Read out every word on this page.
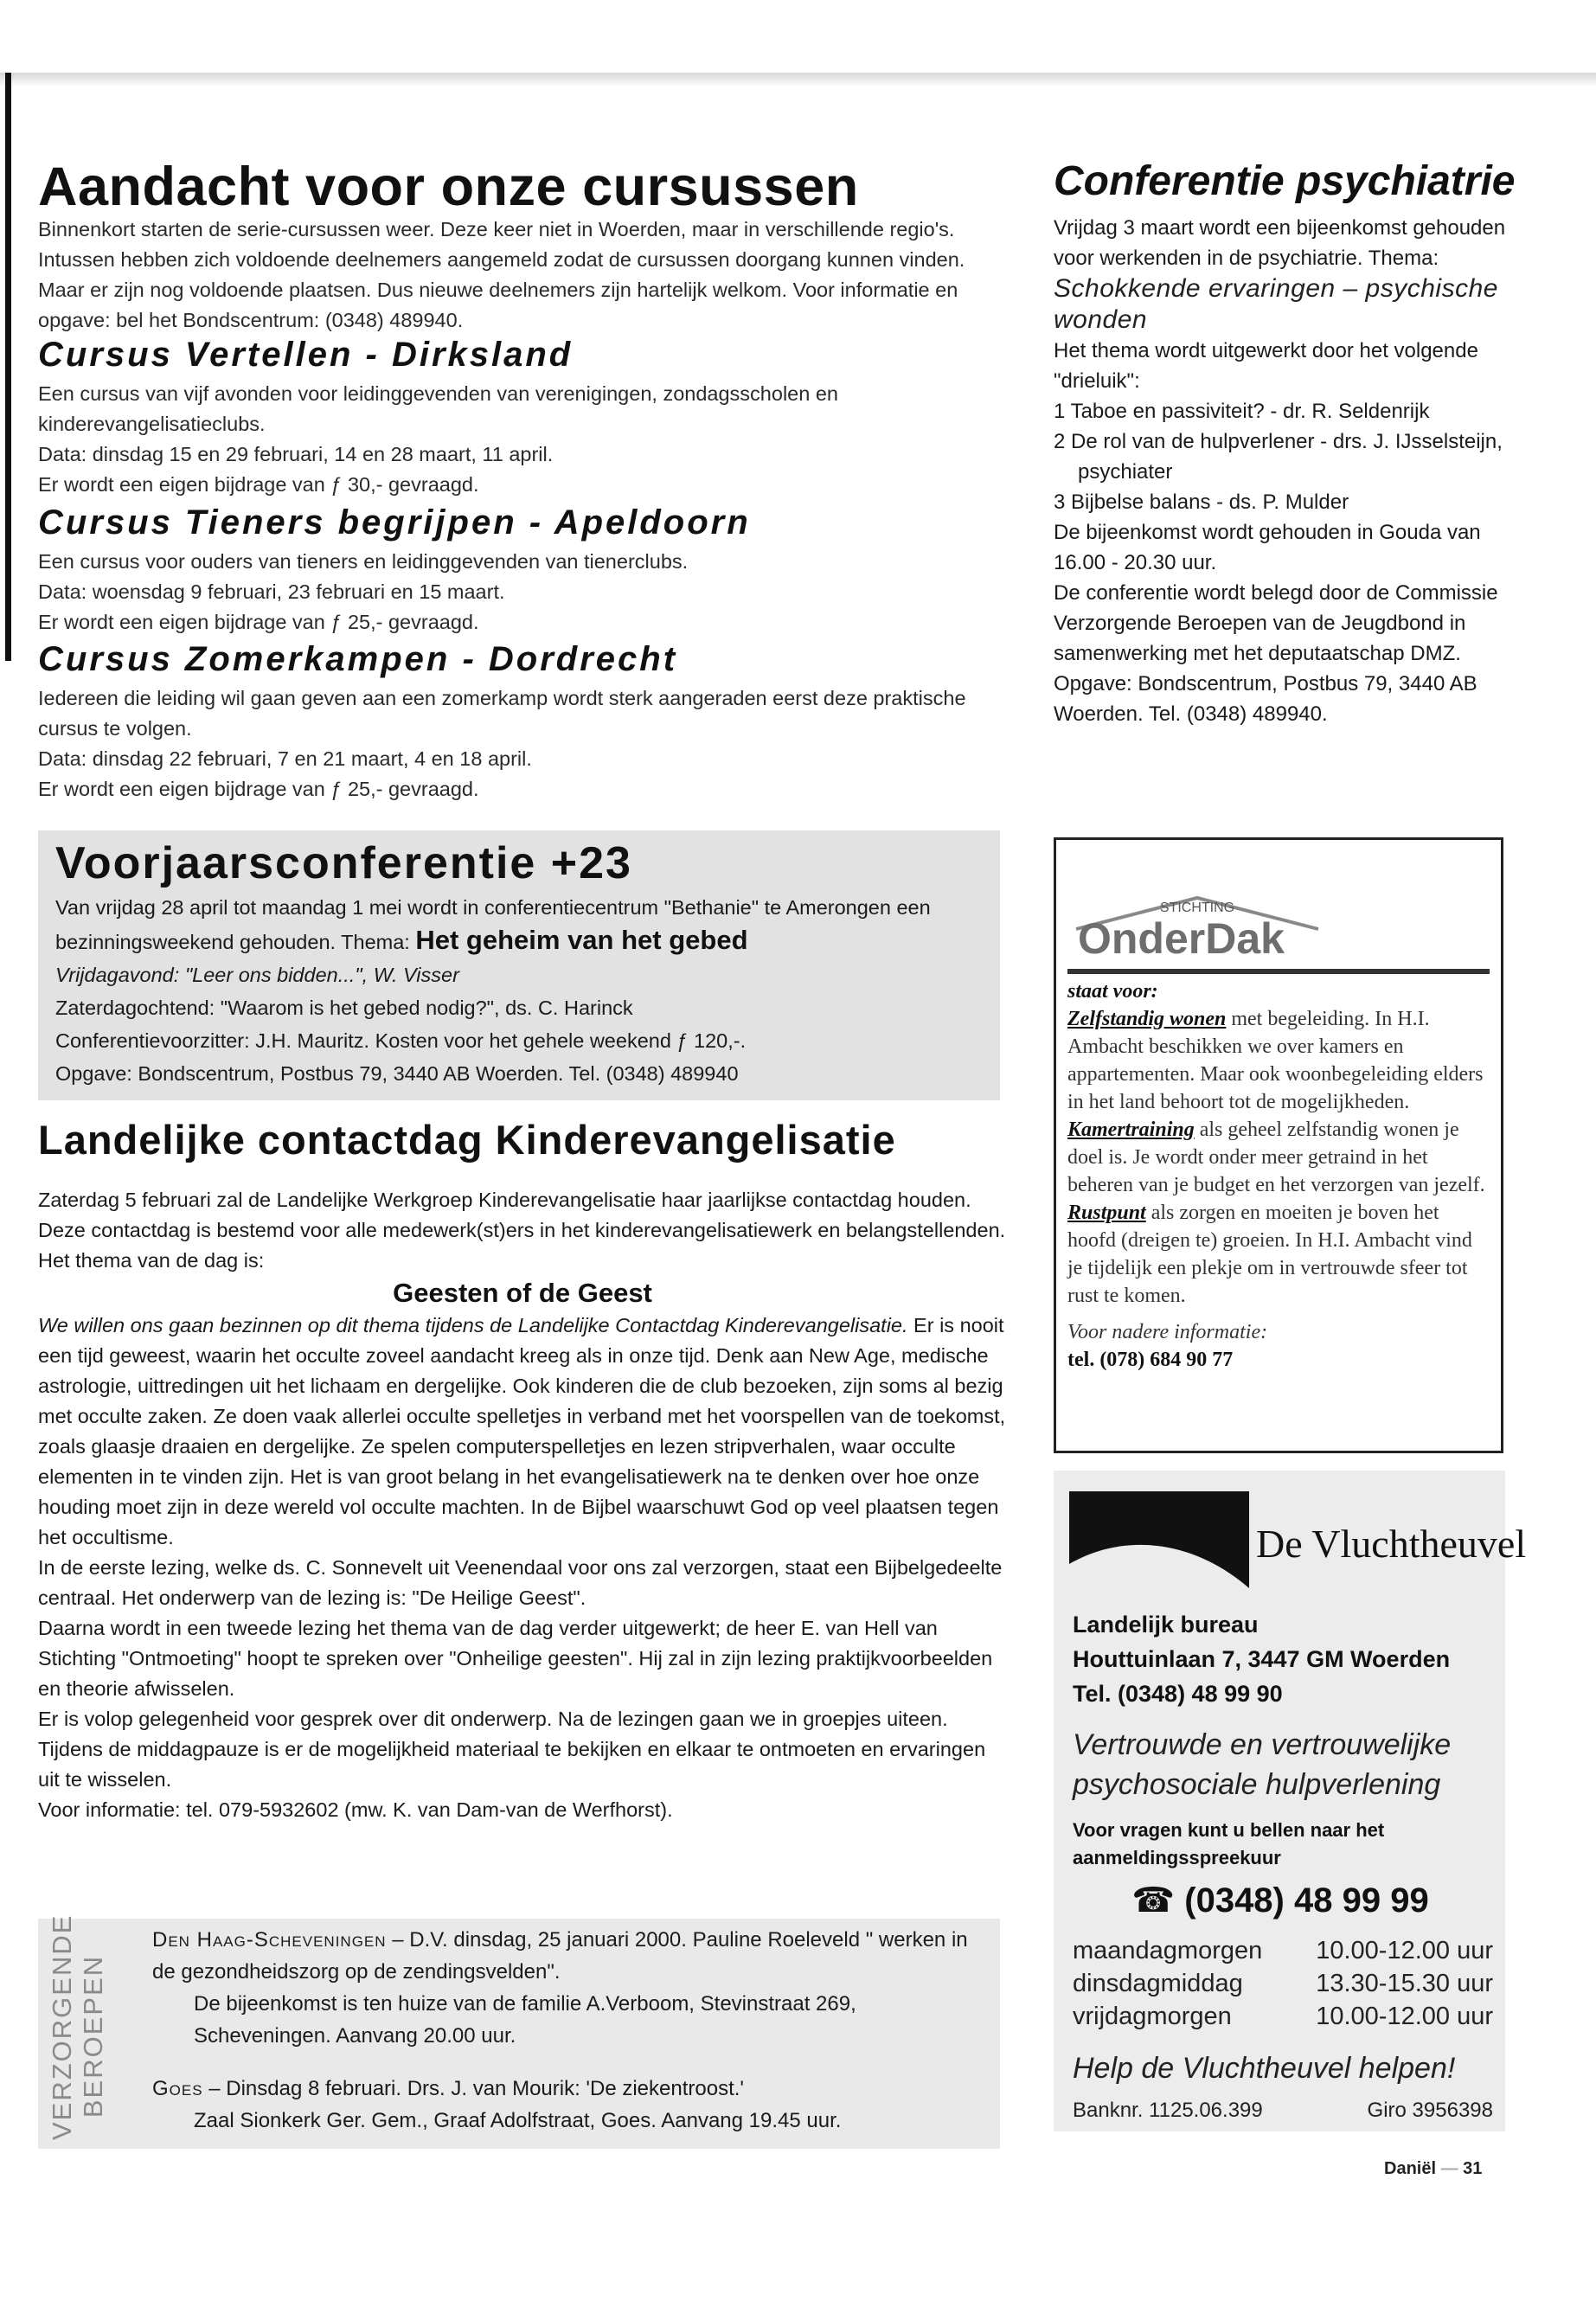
Aandacht voor onze cursussen
Binnenkort starten de serie-cursussen weer. Deze keer niet in Woerden, maar in verschillende regio's. Intussen hebben zich voldoende deelnemers aangemeld zodat de cursussen doorgang kunnen vinden. Maar er zijn nog voldoende plaatsen. Dus nieuwe deelnemers zijn hartelijk welkom. Voor informatie en opgave: bel het Bondscentrum: (0348) 489940.
Cursus Vertellen - Dirksland

Een cursus van vijf avonden voor leidinggevenden van verenigingen, zondagsscholen en kinderevangelisatieclubs.

Data: dinsdag 15 en 29 februari, 14 en 28 maart, 11 april.

Er wordt een eigen bijdrage van ƒ 30,- gevraagd.

Cursus Tieners begrijpen - Apeldoorn

Een cursus voor ouders van tieners en leidinggevenden van tienerclubs.

Data: woensdag 9 februari, 23 februari en 15 maart.

Er wordt een eigen bijdrage van ƒ 25,- gevraagd.

Cursus Zomerkampen - Dordrecht

Iedereen die leiding wil gaan geven aan een zomerkamp wordt sterk aangeraden eerst deze praktische cursus te volgen.

Data: dinsdag 22 februari, 7 en 21 maart, 4 en 18 april.

Er wordt een eigen bijdrage van ƒ 25,- gevraagd.

Voorjaarsconferentie +23
Van vrijdag 28 april tot maandag 1 mei wordt in conferentiecentrum "Bethanie" te Amerongen een bezinningsweekend gehouden. Thema: Het geheim van het gebed
Vrijdagavond: "Leer ons bidden...", W. Visser
Zaterdagochtend: "Waarom is het gebed nodig?", ds. C. Harinck
Conferentievoorzitter: J.H. Mauritz. Kosten voor het gehele weekend ƒ 120,-.
Opgave: Bondscentrum, Postbus 79, 3440 AB Woerden. Tel. (0348) 489940
Landelijke contactdag Kinderevangelisatie

Zaterdag 5 februari zal de Landelijke Werkgroep Kinderevangelisatie haar jaarlijkse contactdag houden. Deze contactdag is bestemd voor alle medewerk(st)ers in het kinderevangelisatiewerk en belangstellenden. Het thema van de dag is:

Geesten of de Geest

We willen ons gaan bezinnen op dit thema tijdens de Landelijke Contactdag Kinderevangelisatie. Er is nooit een tijd geweest, waarin het occulte zoveel aandacht kreeg als in onze tijd. Denk aan New Age, medische astrologie, uittredingen uit het lichaam en dergelijke. Ook kinderen die de club bezoeken, zijn soms al bezig met occulte zaken. Ze doen vaak allerlei occulte spelletjes in verband met het voorspellen van de toekomst, zoals glaasje draaien en dergelijke. Ze spelen computerspelletjes en lezen stripverhalen, waar occulte elementen in te vinden zijn. Het is van groot belang in het evangelisatiewerk na te denken over hoe onze houding moet zijn in deze wereld vol occulte machten. In de Bijbel waarschuwt God op veel plaatsen tegen het occultisme.

In de eerste lezing, welke ds. C. Sonnevelt uit Veenendaal voor ons zal verzorgen, staat een Bijbelgedeelte centraal. Het onderwerp van de lezing is: "De Heilige Geest".

Daarna wordt in een tweede lezing het thema van de dag verder uitgewerkt; de heer E. van Hell van Stichting "Ontmoeting" hoopt te spreken over "Onheilige geesten". Hij zal in zijn lezing praktijkvoorbeelden en theorie afwisselen.

Er is volop gelegenheid voor gesprek over dit onderwerp. Na de lezingen gaan we in groepjes uiteen.

Tijdens de middagpauze is er de mogelijkheid materiaal te bekijken en elkaar te ontmoeten en ervaringen uit te wisselen.

Voor informatie: tel. 079-5932602 (mw. K. van Dam-van de Werfhorst).

VERZORGENDE BEROEPEN
Den Haag-Scheveningen – D.V. dinsdag, 25 januari 2000. Pauline Roeleveld " werken in de gezondheidszorg op de zendingsvelden".
De bijeenkomst is ten huize van de familie A.Verboom, Stevinstraat 269, Scheveningen. Aanvang 20.00 uur.
Goes – Dinsdag 8 februari. Drs. J. van Mourik: 'De ziekentroost.'
Zaal Sionkerk Ger. Gem., Graaf Adolfstraat, Goes. Aanvang 19.45 uur.
Conferentie psychiatrie
Vrijdag 3 maart wordt een bijeenkomst gehouden voor werkenden in de psychiatrie. Thema:
Schokkende ervaringen – psychische wonden
Het thema wordt uitgewerkt door het volgende "drieluik":
1 Taboe en passiviteit? - dr. R. Seldenrijk
2 De rol van de hulpverlener - drs. J. IJsselsteijn, psychiater
3 Bijbelse balans - ds. P. Mulder
De bijeenkomst wordt gehouden in Gouda van 16.00 - 20.30 uur.
De conferentie wordt belegd door de Commissie Verzorgende Beroepen van de Jeugdbond in samenwerking met het deputaatschap DMZ.
Opgave: Bondscentrum, Postbus 79, 3440 AB Woerden. Tel. (0348) 489940.
STICHTING
OnderDak
staat voor:
Zelfstandig wonen met begeleiding. In H.I. Ambacht beschikken we over kamers en appartementen. Maar ook woonbegeleiding elders in het land behoort tot de mogelijkheden.
Kamertraining als geheel zelfstandig wonen je doel is. Je wordt onder meer getraind in het beheren van je budget en het verzorgen van jezelf.
Rustpunt als zorgen en moeiten je boven het hoofd (dreigen te) groeien. In H.I. Ambacht vind je tijdelijk een plekje om in vertrouwde sfeer tot rust te komen.
Voor nadere informatie:
tel. (078) 684 90 77
De Vluchtheuvel
Landelijk bureau
Houttuinlaan 7, 3447 GM Woerden
Tel. (0348) 48 99 90
Vertrouwde en vertrouwelijke psychosociale hulpverlening
Voor vragen kunt u bellen naar het aanmeldingsspreekuur
☎ (0348) 48 99 99
maandagmorgen 10.00-12.00 uur
dinsdagmiddag	13.30-15.30 uur
vrijdagmorgen	10.00-12.00 uur
Help de Vluchtheuvel helpen!
Banknr. 1125.06.399	Giro 3956398
Daniël — 31
